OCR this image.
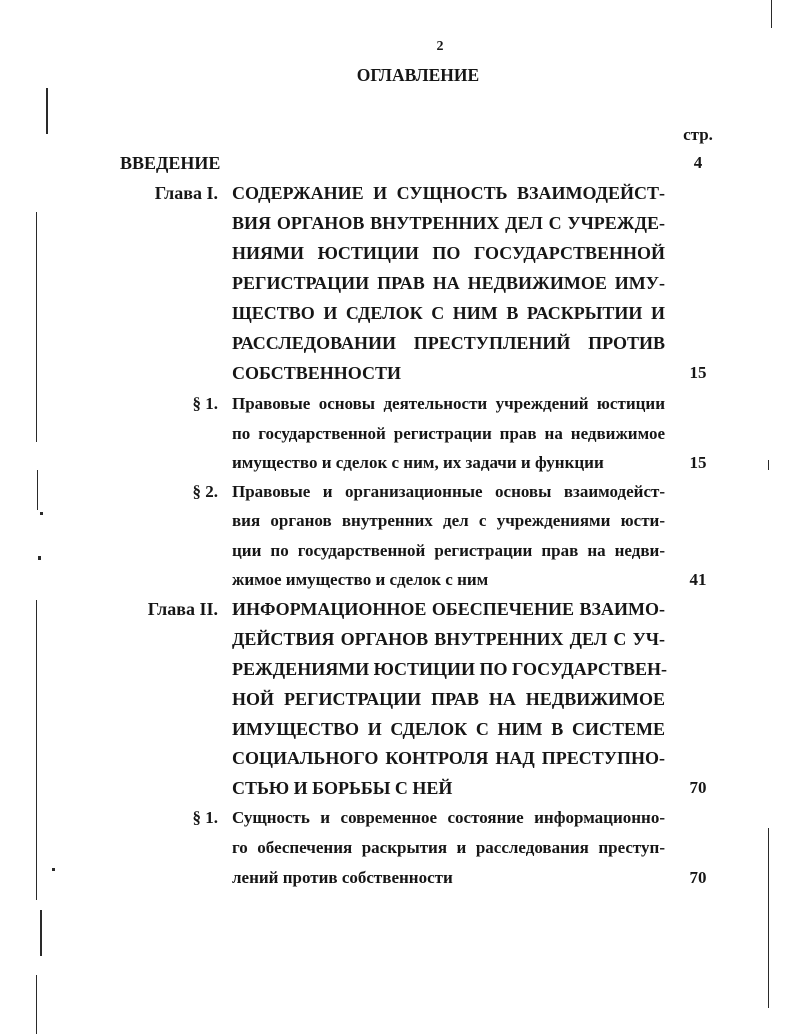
2
ОГЛАВЛЕНИЕ
стр.
ВВЕДЕНИЕ	4
Глава I. СОДЕРЖАНИЕ И СУЩНОСТЬ ВЗАИМОДЕЙСТ-
ВИЯ ОРГАНОВ ВНУТРЕННИХ ДЕЛ С УЧРЕЖДЕ-
НИЯМИ ЮСТИЦИИ ПО ГОСУДАРСТВЕННОЙ
РЕГИСТРАЦИИ ПРАВ НА НЕДВИЖИМОЕ ИМУ-
ЩЕСТВО И СДЕЛОК С НИМ В РАСКРЫТИИ И
РАССЛЕДОВАНИИ ПРЕСТУПЛЕНИЙ ПРОТИВ
СОБСТВЕННОСТИ	15
§ 1. Правовые основы деятельности учреждений юстиции
по государственной регистрации прав на недвижимое
имущество и сделок с ним, их задачи и функции	15
§ 2. Правовые и организационные основы взаимодейст-
вия органов внутренних дел с учреждениями юсти-
ции по государственной регистрации прав на недви-
жимое имущество и сделок с ним	41
Глава II. ИНФОРМАЦИОННОЕ ОБЕСПЕЧЕНИЕ ВЗАИМО-
ДЕЙСТВИЯ ОРГАНОВ ВНУТРЕННИХ ДЕЛ С УЧ-
РЕЖДЕНИЯМИ ЮСТИЦИИ ПО ГОСУДАРСТВЕН-
НОЙ РЕГИСТРАЦИИ ПРАВ НА НЕДВИЖИМОЕ
ИМУЩЕСТВО И СДЕЛОК С НИМ В СИСТЕМЕ
СОЦИАЛЬНОГО КОНТРОЛЯ НАД ПРЕСТУПНО-
СТЬЮ И БОРЬБЫ С НЕЙ	70
§ 1. Сущность и современное состояние информационно-
го обеспечения раскрытия и расследования преступ-
лений против собственности	70
